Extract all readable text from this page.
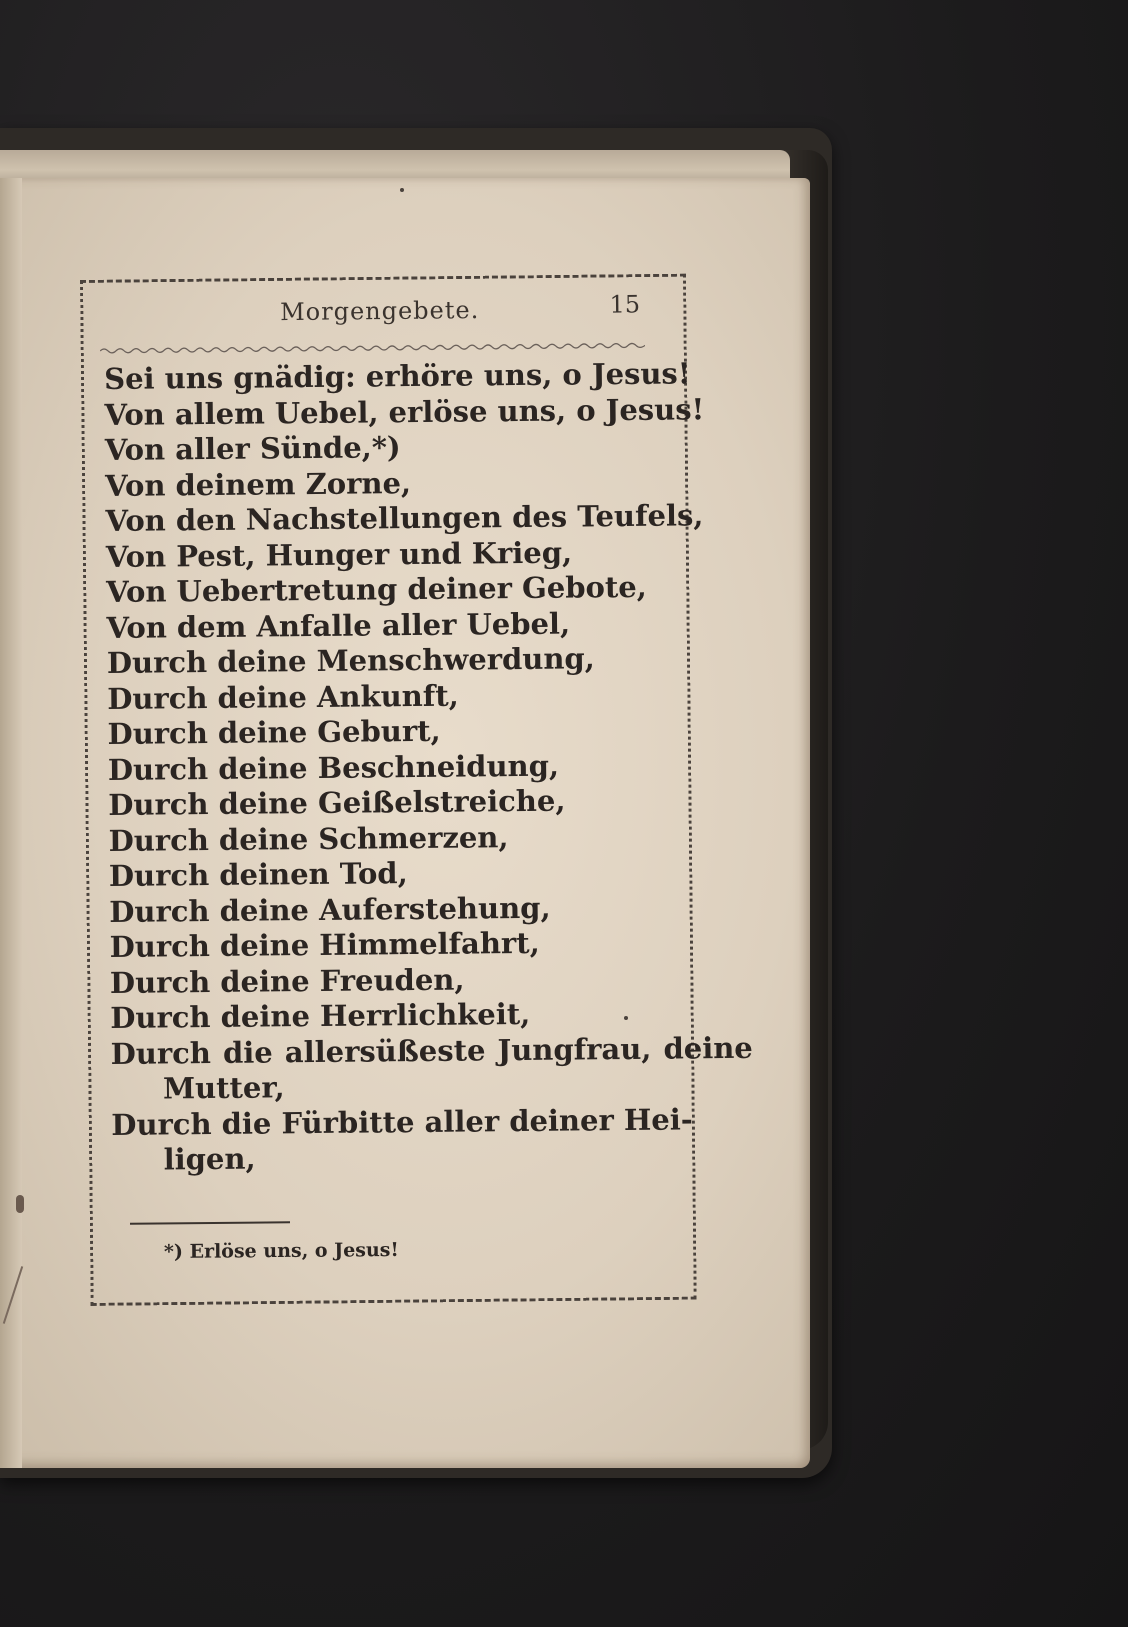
Morgengebete.	15
Sei uns gnädig: erhöre uns, o Jesus!
Von allem Uebel, erlöse uns, o Jesus!
Von aller Sünde,*)
Von deinem Zorne,
Von den Nachstellungen des Teufels,
Von Pest, Hunger und Krieg,
Von Uebertretung deiner Gebote,
Von dem Anfalle aller Uebel,
Durch deine Menschwerdung,
Durch deine Ankunft,
Durch deine Geburt,
Durch deine Beschneidung,
Durch deine Geißelstreiche,
Durch deine Schmerzen,
Durch deinen Tod,
Durch deine Auferstehung,
Durch deine Himmelfahrt,
Durch deine Freuden,
Durch deine Herrlichkeit,
Durch die allersüßeste Jungfrau, deine
Mutter,
Durch die Fürbitte aller deiner Hei-
ligen,
*) Erlöse uns, o Jesus!
